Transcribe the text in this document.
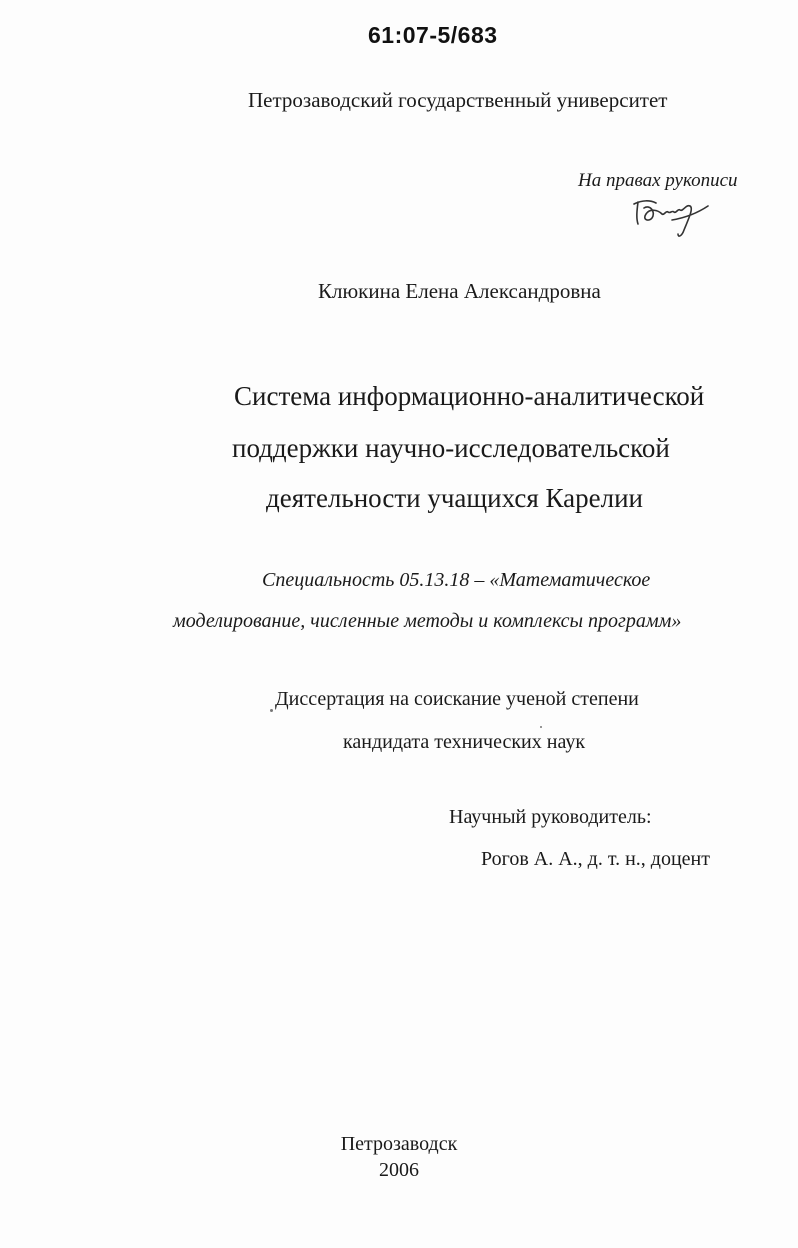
61:07-5/683
Петрозаводский государственный университет
На правах рукописи
Клюкина Елена Александровна
Система информационно-аналитической
поддержки научно-исследовательской
деятельности учащихся Карелии
Специальность 05.13.18 – «Математическое
моделирование, численные методы и комплексы программ»
Диссертация на соискание ученой степени
кандидата технических наук
Научный руководитель:
Рогов А. А., д. т. н., доцент
Петрозаводск
2006
